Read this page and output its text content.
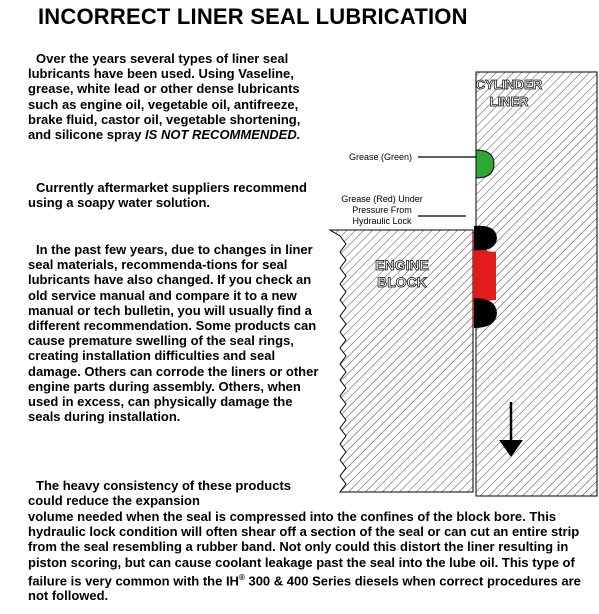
INCORRECT LINER SEAL LUBRICATION

Over the years several types of liner seal lubricants have been used. Using Vaseline, grease, white lead or other dense lubricants such as engine oil, vegetable oil, antifreeze, brake fluid, castor oil, vegetable shortening, and silicone spray IS NOT RECOMMENDED.

Currently aftermarket suppliers recommend using a soapy water solution.

In the past few years, due to changes in liner seal materials, recommenda-tions for seal lubricants have also changed. If you check an old service manual and compare it to a new manual or tech bulletin, you will usually find a different recommendation. Some products can cause premature swelling of the seal rings, creating installation difficulties and seal damage. Others can corrode the liners or other engine parts during assembly. Others, when used in excess, can physically damage the seals during installation.

The heavy consistency of these products could reduce the expansion

volume needed when the seal is compressed into the confines of the block bore. This hydraulic lock condition will often shear off a section of the seal or can cut an entire strip from the seal resembling a rubber band. Not only could this distort the liner resulting in piston scoring, but can cause coolant leakage past the seal into the lube oil. This type of failure is very common with the IH® 300 & 400 Series diesels when correct procedures are not followed.

CYLINDER
LINER
ENGINE
BLOCK
Grease (Green)
Grease (Red) Under
Pressure From
Hydraulic Lock
